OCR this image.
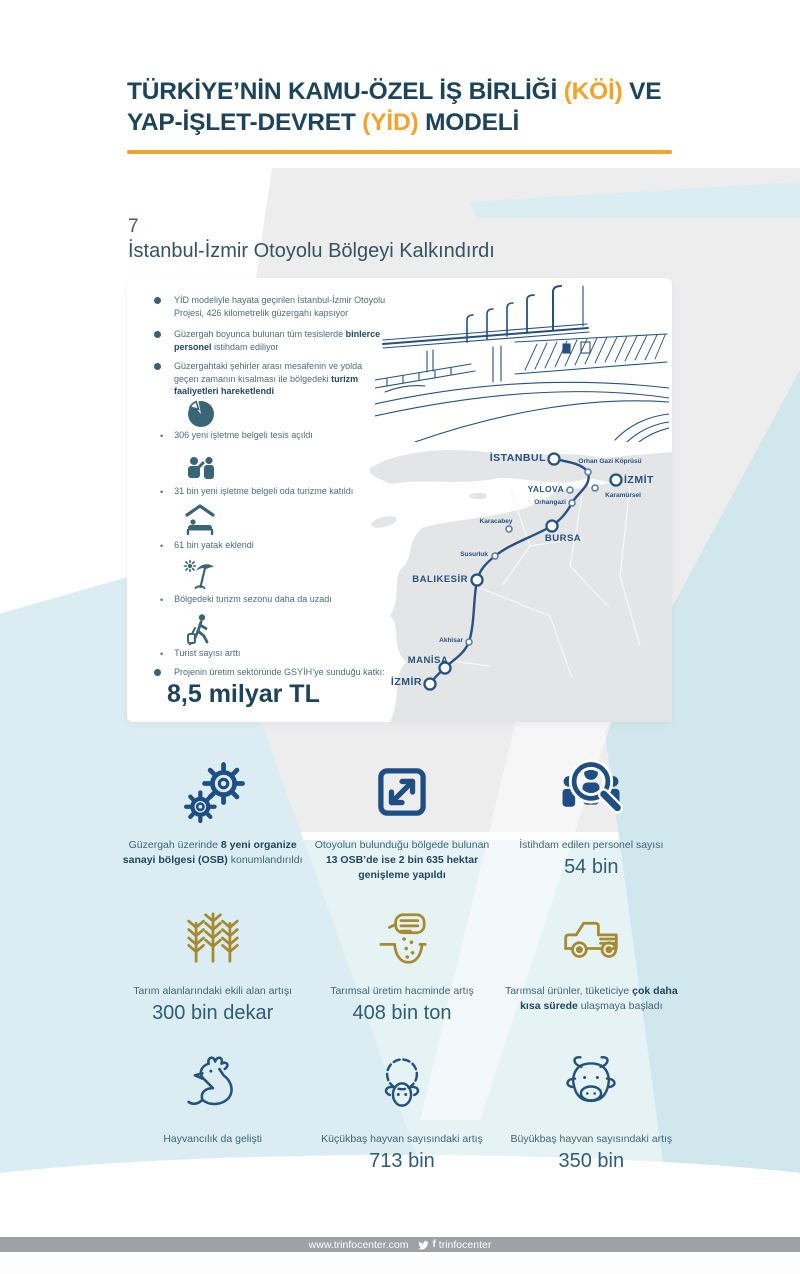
TÜRKİYE’NİN KAMU-ÖZEL İŞ BİRLİĞİ (KÖİ) VE YAP-İŞLET-DEVRET (YİD) MODELİ
7
İstanbul-İzmir Otoyolu Bölgeyi Kalkındırdı
YİD modeliyle hayata geçirilen İstanbul-İzmir Otoyolu Projesi, 426 kilometrelik güzergahı kapsıyor
Güzergah boyunca bulunan tüm tesislerde binlerce personel istihdam ediliyor
Güzergahtaki şehirler arası mesafenin ve yolda geçen zamanın kısalması ile bölgedeki turizm faaliyetleri hareketlendi
• 306 yeni işletme belgeli tesis açıldı
• 31 bin yeni işletme belgeli oda turizme katıldı
• 61 bin yatak eklendi
• Bölgedeki turizm sezonu daha da uzadı
• Turist sayısı arttı
Projenin üretim sektöründe GSYİH’ye sunduğu katkı:
8,5 milyar TL
İSTANBUL	Orhan Gazi Köprüsü
İZMİT
YALOVA
Karamürsel
Orhangazi
Karacabey
BURSA
Susurluk
BALIKESİR
Akhisar
MANİSA
İZMİR
Güzergah üzerinde 8 yeni organize sanayi bölgesi (OSB) konumlandırıldı
Otoyolun bulunduğu bölgede bulunan 13 OSB’de ise 2 bin 635 hektar genişleme yapıldı
İstihdam edilen personel sayısı
54 bin
Tarım alanlarındaki ekili alan artışı
300 bin dekar
Tarımsal üretim hacminde artış
408 bin ton
Tarımsal ürünler, tüketiciye çok daha kısa sürede ulaşmaya başladı
Hayvancılık da gelişti	Küçükbaş hayvan sayısındaki artış
713 bin
Büyükbaş hayvan sayısındaki artış
350 bin
www.trinfocenter.com f trinfocenter
